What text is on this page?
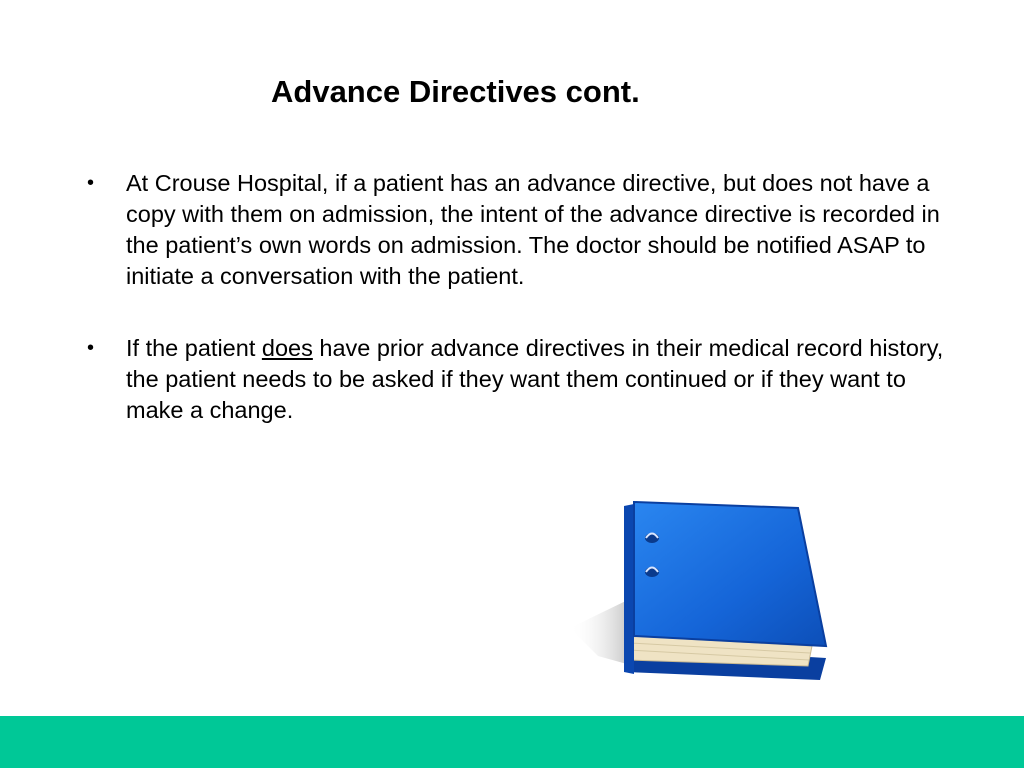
Advance Directives cont.
• At Crouse Hospital, if a patient has an advance directive, but does not have a copy with them on admission, the intent of the advance directive is recorded in the patient’s own words on admission. The doctor should be notified ASAP to initiate a conversation with the patient.
• If the patient does have prior advance directives in their medical record history, the patient needs to be asked if they want them continued or if they want to make a change.
